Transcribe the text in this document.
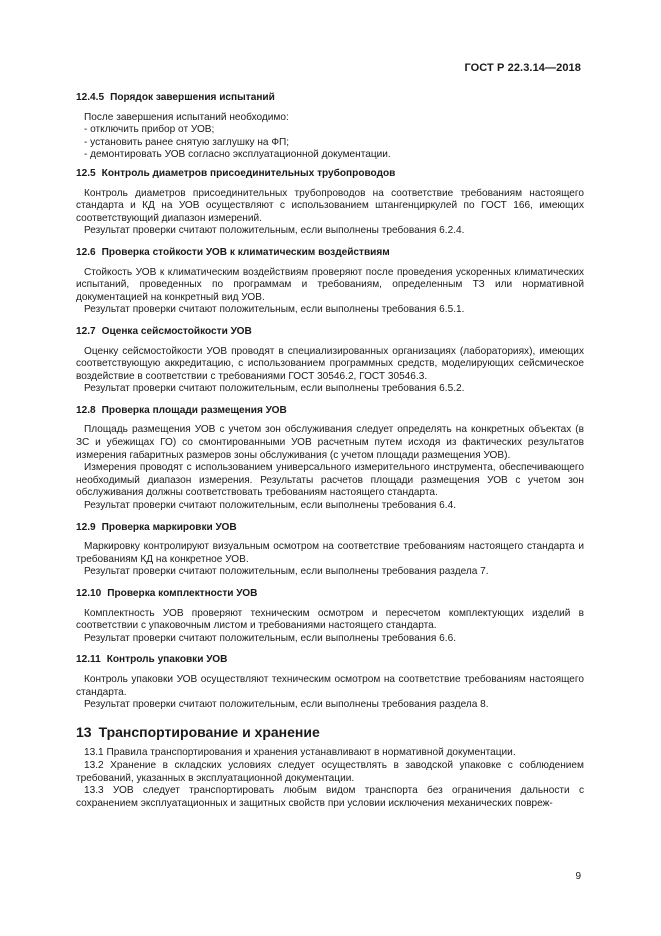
ГОСТ Р 22.3.14—2018
12.4.5 Порядок завершения испытаний

После завершения испытаний необходимо:

- отключить прибор от УОВ;
- установить ранее снятую заглушку на ФП;
- демонтировать УОВ согласно эксплуатационной документации.
12.5 Контроль диаметров присоединительных трубопроводов

Контроль диаметров присоединительных трубопроводов на соответствие требованиям настоящего стандарта и КД на УОВ осуществляют с использованием штангенциркулей по ГОСТ 166, имеющих соответствующий диапазон измерений.

Результат проверки считают положительным, если выполнены требования 6.2.4.

12.6 Проверка стойкости УОВ к климатическим воздействиям

Стойкость УОВ к климатическим воздействиям проверяют после проведения ускоренных климатических испытаний, проведенных по программам и требованиям, определенным ТЗ или нормативной документацией на конкретный вид УОВ.

Результат проверки считают положительным, если выполнены требования 6.5.1.

12.7 Оценка сейсмостойкости УОВ

Оценку сейсмостойкости УОВ проводят в специализированных организациях (лабораториях), имеющих соответствующую аккредитацию, с использованием программных средств, моделирующих сейсмическое воздействие в соответствии с требованиями ГОСТ 30546.2, ГОСТ 30546.3.

Результат проверки считают положительным, если выполнены требования 6.5.2.

12.8 Проверка площади размещения УОВ

Площадь размещения УОВ с учетом зон обслуживания следует определять на конкретных объектах (в ЗС и убежищах ГО) со смонтированными УОВ расчетным путем исходя из фактических результатов измерения габаритных размеров зоны обслуживания (с учетом площади размещения УОВ).

Измерения проводят с использованием универсального измерительного инструмента, обеспечивающего необходимый диапазон измерения. Результаты расчетов площади размещения УОВ с учетом зон обслуживания должны соответствовать требованиям настоящего стандарта.

Результат проверки считают положительным, если выполнены требования 6.4.

12.9 Проверка маркировки УОВ

Маркировку контролируют визуальным осмотром на соответствие требованиям настоящего стандарта и требованиям КД на конкретное УОВ.

Результат проверки считают положительным, если выполнены требования раздела 7.

12.10 Проверка комплектности УОВ

Комплектность УОВ проверяют техническим осмотром и пересчетом комплектующих изделий в соответствии с упаковочным листом и требованиями настоящего стандарта.

Результат проверки считают положительным, если выполнены требования 6.6.

12.11 Контроль упаковки УОВ

Контроль упаковки УОВ осуществляют техническим осмотром на соответствие требованиям настоящего стандарта.

Результат проверки считают положительным, если выполнены требования раздела 8.

13 Транспортирование и хранение

13.1 Правила транспортирования и хранения устанавливают в нормативной документации.

13.2 Хранение в складских условиях следует осуществлять в заводской упаковке с соблюдением требований, указанных в эксплуатационной документации.

13.3 УОВ следует транспортировать любым видом транспорта без ограничения дальности с сохранением эксплуатационных и защитных свойств при условии исключения механических повреж-

9
